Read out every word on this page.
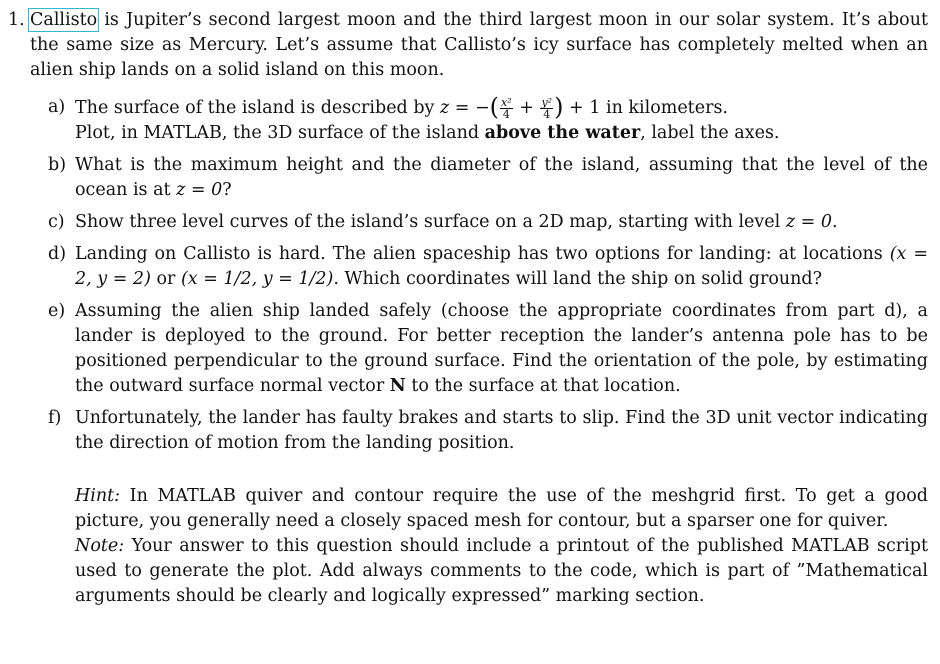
1. Callisto is Jupiter’s second largest moon and the third largest moon in our solar system. It’s about the same size as Mercury. Let’s assume that Callisto’s icy surface has completely melted when an alien ship lands on a solid island on this moon.
a) The surface of the island is described by z = −( $\frac{\text{x²}}{4} + \frac{\text{y²}}{4}$ ) + 1 in kilometers.
Plot, in MATLAB, the 3D surface of the island above the water, label the axes.
b) What is the maximum height and the diameter of the island, assuming that the level of the ocean is at z = 0?
c) Show three level curves of the island’s surface on a 2D map, starting with level z = 0.
d) Landing on Callisto is hard. The alien spaceship has two options for landing: at locations (x = 2, y = 2) or (x = 1/2, y = 1/2). Which coordinates will land the ship on solid ground?
e) Assuming the alien ship landed safely (choose the appropriate coordinates from part d), a lander is deployed to the ground. For better reception the lander’s antenna pole has to be positioned perpendicular to the ground surface. Find the orientation of the pole, by estimating the outward surface normal vector N to the surface at that location.
f) Unfortunately, the lander has faulty brakes and starts to slip. Find the 3D unit vector indicating the direction of motion from the landing position.

Hint: In MATLAB quiver and contour require the use of the meshgrid first. To get a good picture, you generally need a closely spaced mesh for contour, but a sparser one for quiver.

Note: Your answer to this question should include a printout of the published MATLAB script used to generate the plot. Add always comments to the code, which is part of ”Mathematical arguments should be clearly and logically expressed” marking section.
